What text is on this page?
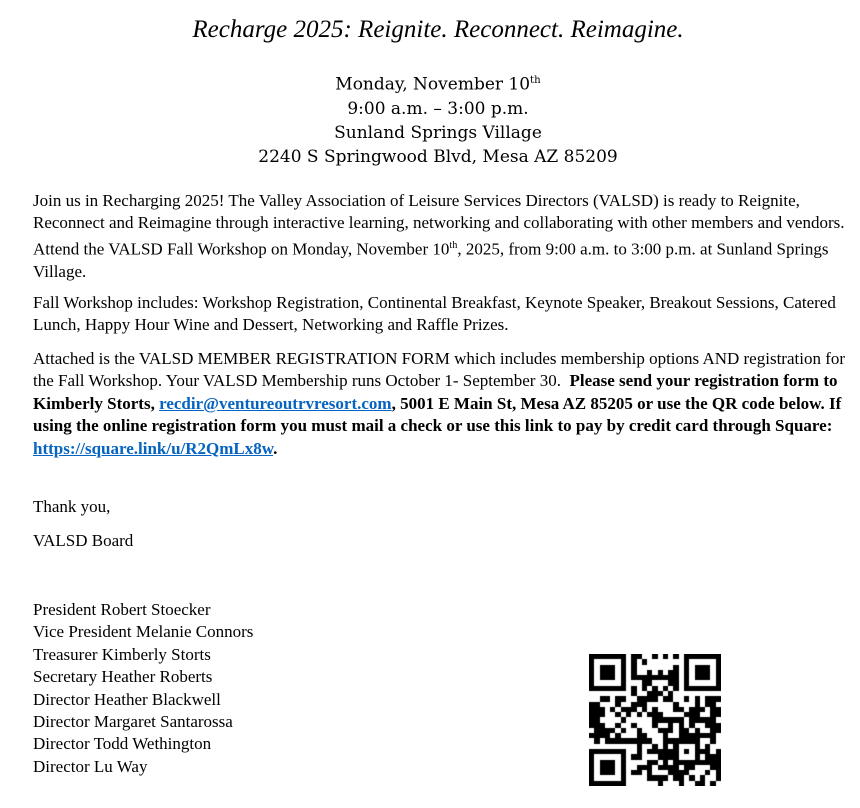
Recharge 2025: Reignite. Reconnect. Reimagine.
Monday, November 10th
9:00 a.m. – 3:00 p.m.
Sunland Springs Village
2240 S Springwood Blvd, Mesa AZ 85209
Join us in Recharging 2025! The Valley Association of Leisure Services Directors (VALSD) is ready to Reignite,
Reconnect and Reimagine through interactive learning, networking and collaborating with other members and vendors.
Attend the VALSD Fall Workshop on Monday, November 10th, 2025, from 9:00 a.m. to 3:00 p.m. at Sunland Springs
Village.
Fall Workshop includes: Workshop Registration, Continental Breakfast, Keynote Speaker, Breakout Sessions, Catered
Lunch, Happy Hour Wine and Dessert, Networking and Raffle Prizes.
Attached is the VALSD MEMBER REGISTRATION FORM which includes membership options AND registration for
the Fall Workshop. Your VALSD Membership runs October 1- September 30.  Please send your registration form to
Kimberly Storts, recdir@ventureoutrvresort.com, 5001 E Main St, Mesa AZ 85205 or use the QR code below. If
using the online registration form you must mail a check or use this link to pay by credit card through Square:
https://square.link/u/R2QmLx8w.
Thank you,
VALSD Board
President Robert Stoecker
Vice President Melanie Connors
Treasurer Kimberly Storts
Secretary Heather Roberts
Director Heather Blackwell
Director Margaret Santarossa
Director Todd Wethington
Director Lu Way
